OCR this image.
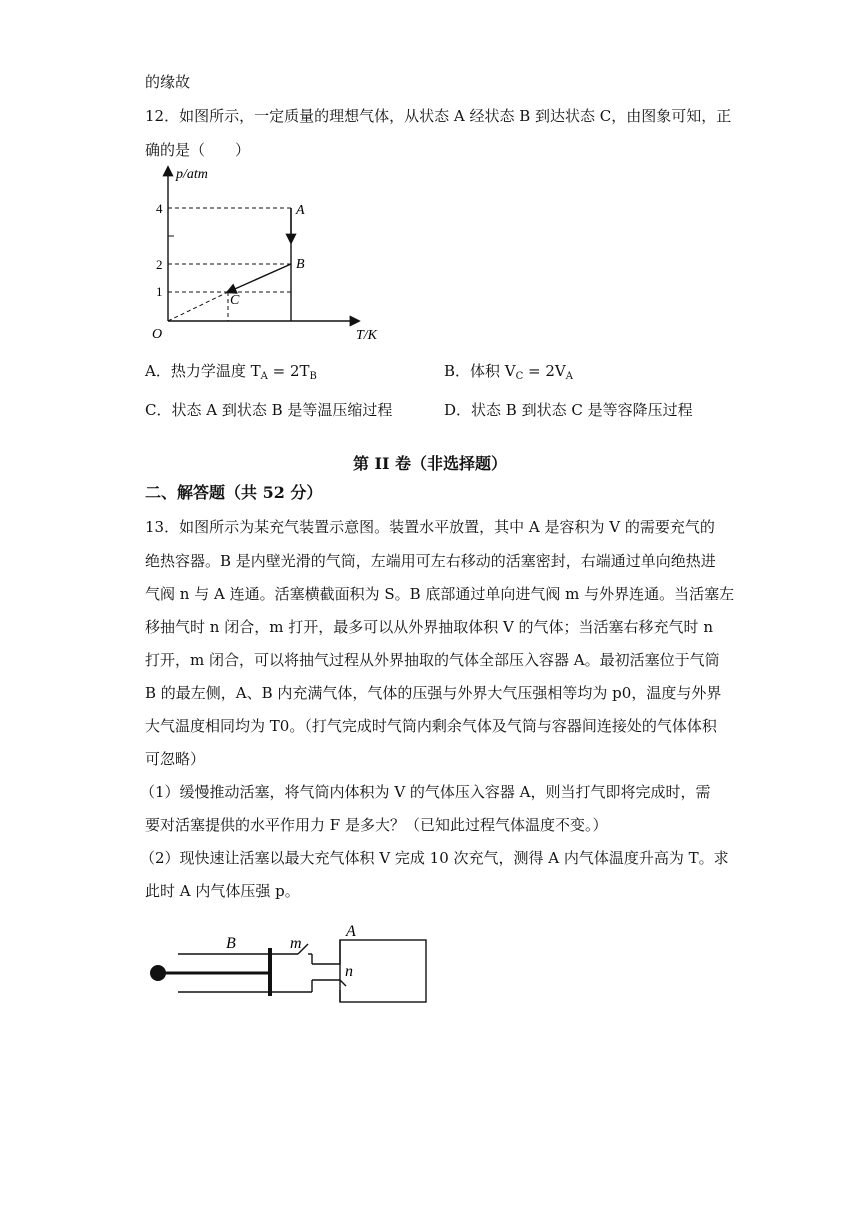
的缘故
12．如图所示，一定质量的理想气体，从状态 A 经状态 B 到达状态 C，由图象可知，正
确的是（　　）
p/atm
T/K
O
4
2
1
A
B
C
A．热力学温度 $T_A = 2T_B$	B．体积 $V_C = 2V_A$
C．状态 A 到状态 B 是等温压缩过程	D．状态 B 到状态 C 是等容降压过程
第 II 卷（非选择题）
二、解答题（共 52 分）
13．如图所示为某充气装置示意图。装置水平放置，其中 A 是容积为 V 的需要充气的
绝热容器。B 是内壁光滑的气筒，左端用可左右移动的活塞密封，右端通过单向绝热进
气阀 n 与 A 连通。活塞横截面积为 S。B 底部通过单向进气阀 m 与外界连通。当活塞左
移抽气时 n 闭合，m 打开，最多可以从外界抽取体积 V 的气体；当活塞右移充气时 n
打开，m 闭合，可以将抽气过程从外界抽取的气体全部压入容器 A。最初活塞位于气筒
B 的最左侧，A、B 内充满气体，气体的压强与外界大气压强相等均为 p0，温度与外界
大气温度相同均为 T0。（打气完成时气筒内剩余气体及气筒与容器间连接处的气体体积
可忽略）
（1）缓慢推动活塞，将气筒内体积为 V 的气体压入容器 A，则当打气即将完成时，需
要对活塞提供的水平作用力 F 是多大？（已知此过程气体温度不变。）
（2）现快速让活塞以最大充气体积 V 完成 10 次充气，测得 A 内气体温度升高为 T。求
此时 A 内气体压强 p。
B	m
A
n
